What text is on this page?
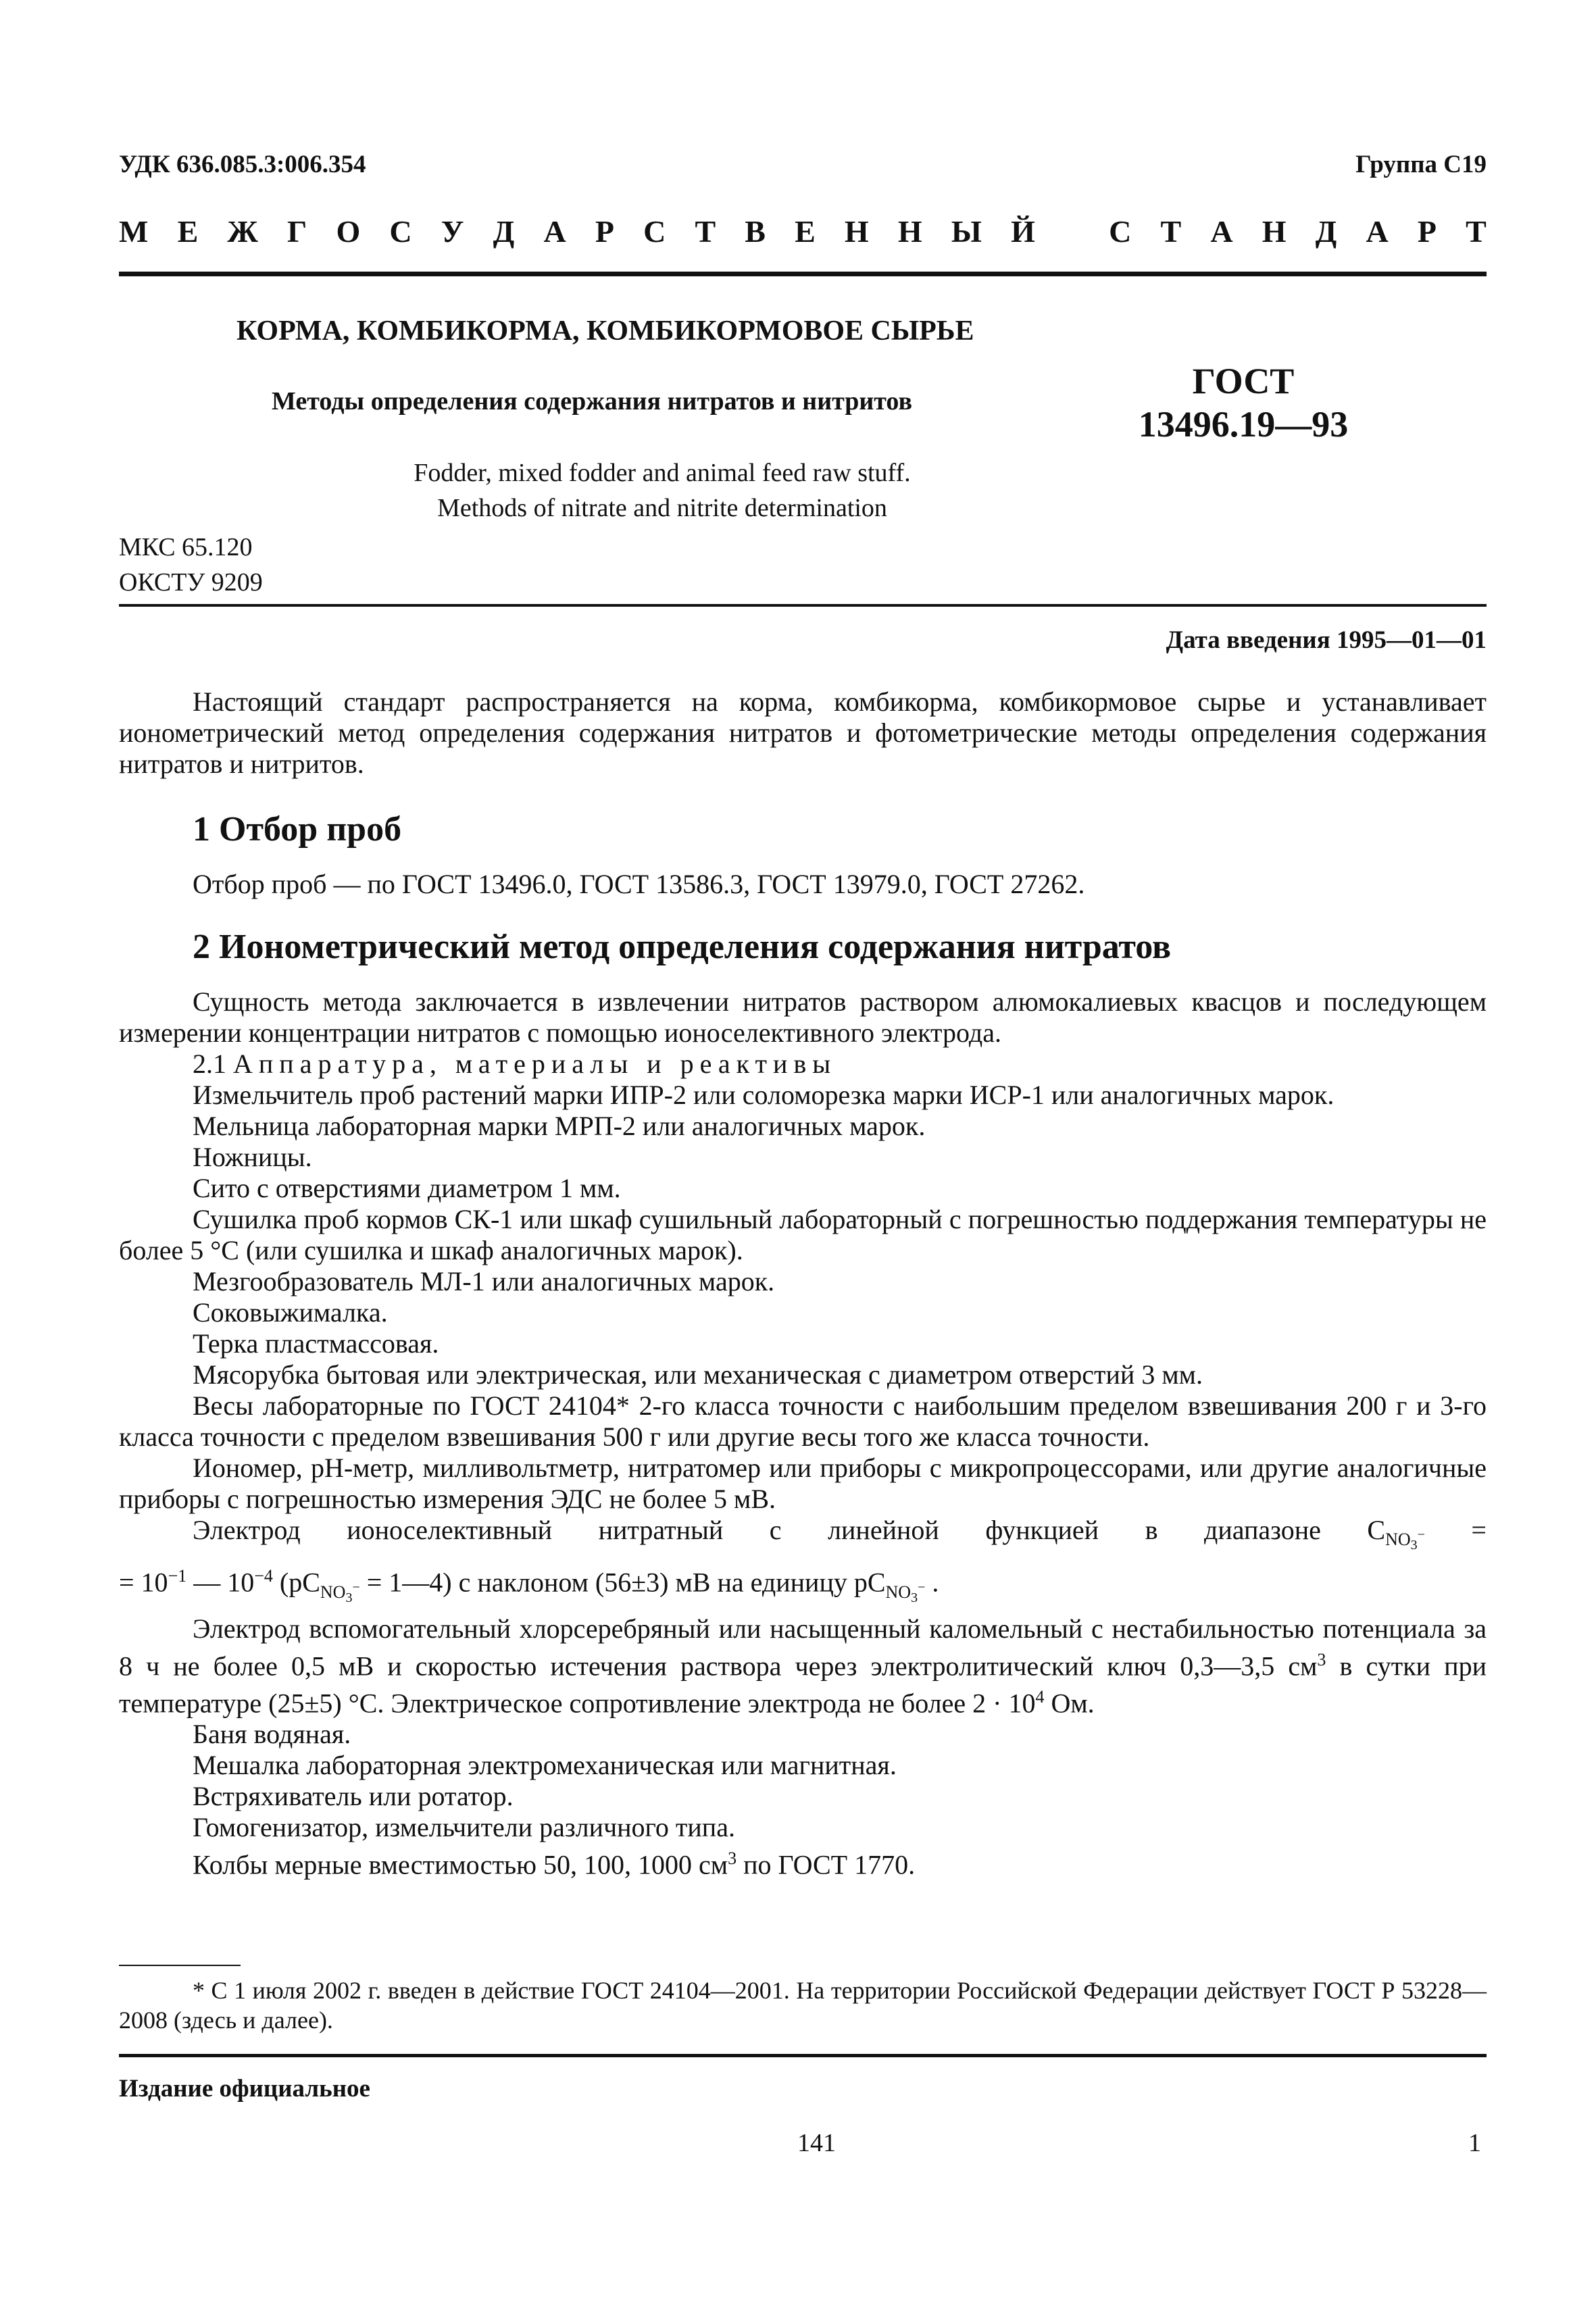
УДК 636.085.3:006.354	Группа С19
М Е Ж Г О С У Д А Р С Т В Е Н Н Ы Й
С Т А Н Д А Р Т
КОРМА, КОМБИКОРМА, КОМБИКОРМОВОЕ СЫРЬЕ
Методы определения содержания нитратов и нитритов	ГОСТ
13496.19—93
Fodder, mixed fodder and animal feed raw stuff.
Methods of nitrate and nitrite determination
МКС 65.120
ОКСТУ 9209
Дата введения 1995—01—01

Настоящий стандарт распространяется на корма, комбикорма, комбикормовое сырье и устанавливает ионометрический метод определения содержания нитратов и фотометрические методы определения содержания нитратов и нитритов.

1 Отбор проб

Отбор проб — по ГОСТ 13496.0, ГОСТ 13586.3, ГОСТ 13979.0, ГОСТ 27262.

2 Ионометрический метод определения содержания нитратов

Сущность метода заключается в извлечении нитратов раствором алюмокалиевых квасцов и последующем измерении концентрации нитратов с помощью ионоселективного электрода.

2.1 Аппаратура, материалы и реактивы

Измельчитель проб растений марки ИПР-2 или соломорезка марки ИСР-1 или аналогичных марок.

Мельница лабораторная марки МРП-2 или аналогичных марок.

Ножницы.

Сито с отверстиями диаметром 1 мм.

Сушилка проб кормов СК-1 или шкаф сушильный лабораторный с погрешностью поддержания температуры не более 5 °С (или сушилка и шкаф аналогичных марок).

Мезгообразователь МЛ-1 или аналогичных марок.

Соковыжималка.

Терка пластмассовая.

Мясорубка бытовая или электрическая, или механическая с диаметром отверстий 3 мм.

Весы лабораторные по ГОСТ 24104* 2-го класса точности с наибольшим пределом взвешивания 200 г и 3-го класса точности с пределом взвешивания 500 г или другие весы того же класса точности.

Иономер, рН-метр, милливольтметр, нитратомер или приборы с микропроцессорами, или другие аналогичные приборы с погрешностью измерения ЭДС не более 5 мВ.

Электрод ионоселективный нитратный с линейной функцией в диапазоне $С_{NO_3^-}$ =

= $10^{-1}$ — $10^{-4}$ ($pC_{NO_3^-}$ = 1—4) с наклоном (56±3) мВ на единицу $pC_{NO_3^-}$ .

Электрод вспомогательный хлорсеребряный или насыщенный каломельный с нестабильностью потенциала за 8 ч не более 0,5 мВ и скоростью истечения раствора через электролитический ключ 0,3—3,5 $см^3$ в сутки при температуре (25±5) °С. Электрическое сопротивление электрода не более $2 \cdot 10^4$ Ом.

Баня водяная.

Мешалка лабораторная электромеханическая или магнитная.

Встряхиватель или ротатор.

Гомогенизатор, измельчители различного типа.

Колбы мерные вместимостью 50, 100, 1000 $см^3$ по ГОСТ 1770.

* С 1 июля 2002 г. введен в действие ГОСТ 24104—2001. На территории Российской Федерации действует ГОСТ Р 53228—2008 (здесь и далее).

Издание официальное
141	1
